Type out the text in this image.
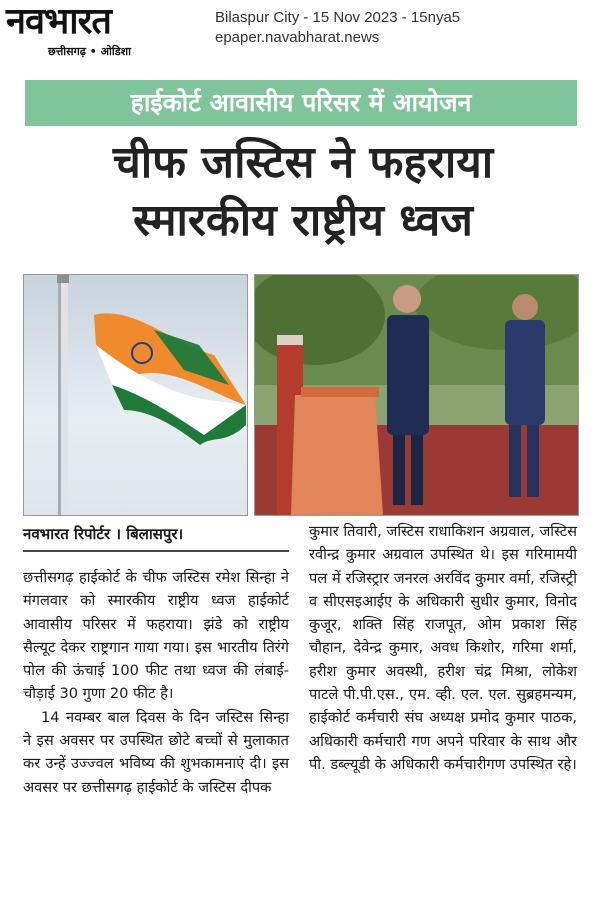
नवभारत
छत्तीसगढ़ • ओडिशा
Bilaspur City - 15 Nov 2023 - 15nya5
epaper.navabharat.news
हाईकोर्ट आवासीय परिसर में आयोजन
चीफ जस्टिस ने फहराया
स्मारकीय राष्ट्रीय ध्वज
नवभारत रिपोर्टर । बिलासपुर।

छत्तीसगढ़ हाईकोर्ट के चीफ जस्टिस रमेश सिन्हा ने मंगलवार को स्मारकीय राष्ट्रीय ध्वज हाईकोर्ट आवासीय परिसर में फहराया। झंडे को राष्ट्रीय सैल्यूट देकर राष्ट्रगान गाया गया। इस भारतीय तिरंगे पोल की ऊंचाई 100 फीट तथा ध्वज की लंबाई-चौड़ाई 30 गुणा 20 फीट है।

14 नवम्बर बाल दिवस के दिन जस्टिस सिन्हा ने इस अवसर पर उपस्थित छोटे बच्चों से मुलाकात कर उन्हें उज्ज्वल भविष्य की शुभकामनाएं दी। इस अवसर पर छत्तीसगढ़ हाईकोर्ट के जस्टिस दीपक

कुमार तिवारी, जस्टिस राधाकिशन अग्रवाल, जस्टिस रवीन्द्र कुमार अग्रवाल उपस्थित थे। इस गरिमामयी पल में रजिस्ट्रार जनरल अरविंद कुमार वर्मा, रजिस्ट्री व सीएसइआईए के अधिकारी सुधीर कुमार, विनोद कुजूर, शक्ति सिंह राजपूत, ओम प्रकाश सिंह चौहान, देवेन्द्र कुमार, अवध किशोर, गरिमा शर्मा, हरीश कुमार अवस्थी, हरीश चंद्र मिश्रा, लोकेश पाटले पी.पी.एस., एम. व्ही. एल. एल. सुब्रहमन्यम, हाईकोर्ट कर्मचारी संघ अध्यक्ष प्रमोद कुमार पाठक, अधिकारी कर्मचारी गण अपने परिवार के साथ और पी. डब्ल्यूडी के अधिकारी कर्मचारीगण उपस्थित रहे।
